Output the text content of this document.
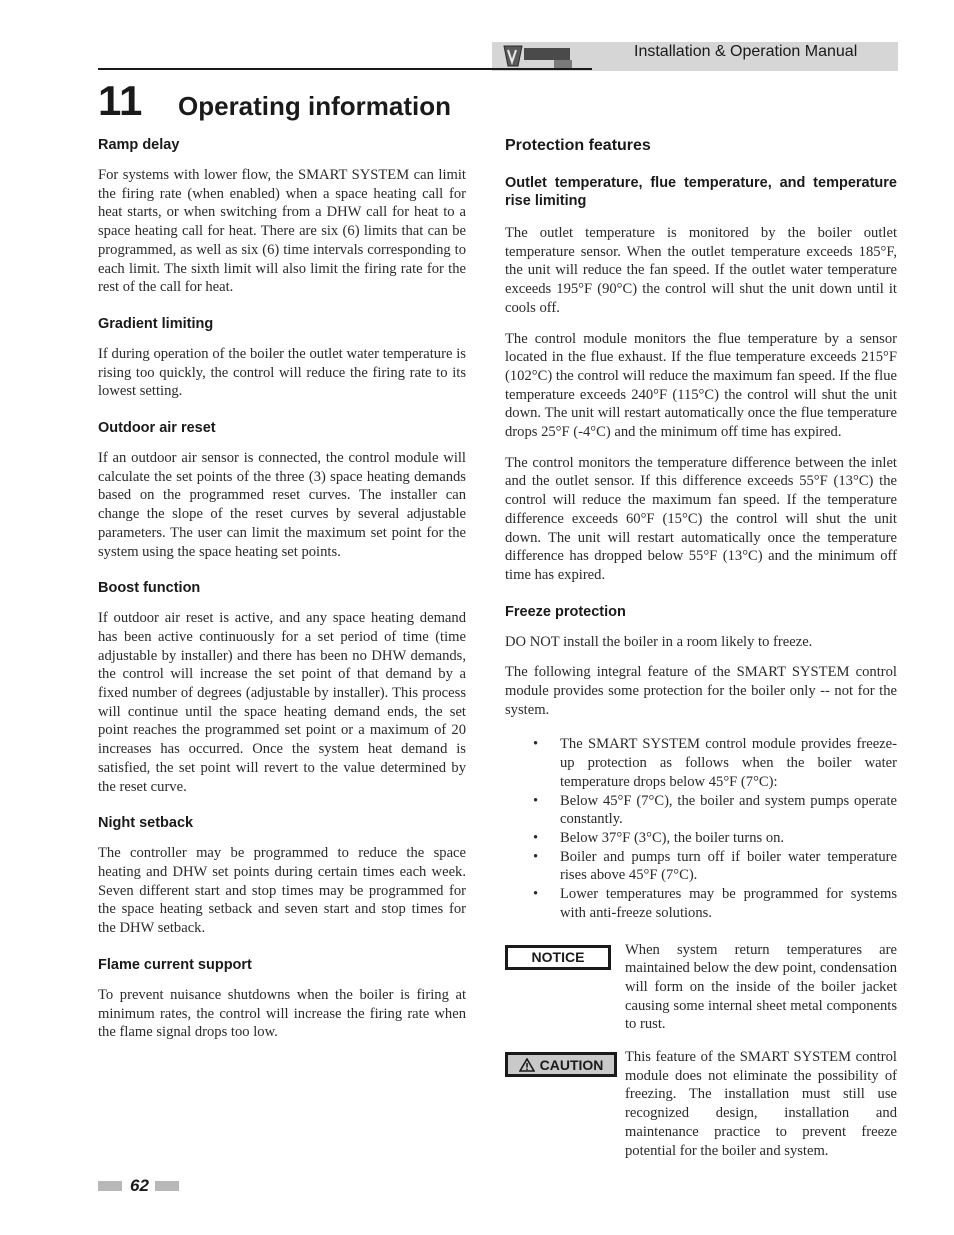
Installation & Operation Manual
11 Operating information
Ramp delay

For systems with lower flow, the SMART SYSTEM can limit the firing rate (when enabled) when a space heating call for heat starts, or when switching from a DHW call for heat to a space heating call for heat. There are six (6) limits that can be programmed, as well as six (6) time intervals corresponding to each limit. The sixth limit will also limit the firing rate for the rest of the call for heat.

Gradient limiting

If during operation of the boiler the outlet water temperature is rising too quickly, the control will reduce the firing rate to its lowest setting.

Outdoor air reset

If an outdoor air sensor is connected, the control module will calculate the set points of the three (3) space heating demands based on the programmed reset curves. The installer can change the slope of the reset curves by several adjustable parameters. The user can limit the maximum set point for the system using the space heating set points.

Boost function

If outdoor air reset is active, and any space heating demand has been active continuously for a set period of time (time adjustable by installer) and there has been no DHW demands, the control will increase the set point of that demand by a fixed number of degrees (adjustable by installer). This process will continue until the space heating demand ends, the set point reaches the programmed set point or a maximum of 20 increases has occurred. Once the system heat demand is satisfied, the set point will revert to the value determined by the reset curve.

Night setback

The controller may be programmed to reduce the space heating and DHW set points during certain times each week. Seven different start and stop times may be programmed for the space heating setback and seven start and stop times for the DHW setback.

Flame current support

To prevent nuisance shutdowns when the boiler is firing at minimum rates, the control will increase the firing rate when the flame signal drops too low.

Protection features
Outlet temperature, flue temperature, and temperature rise limiting

The outlet temperature is monitored by the boiler outlet temperature sensor. When the outlet temperature exceeds 185°F, the unit will reduce the fan speed. If the outlet water temperature exceeds 195°F (90°C) the control will shut the unit down until it cools off.

The control module monitors the flue temperature by a sensor located in the flue exhaust. If the flue temperature exceeds 215°F (102°C) the control will reduce the maximum fan speed. If the flue temperature exceeds 240°F (115°C) the control will shut the unit down. The unit will restart automatically once the flue temperature drops 25°F (-4°C) and the minimum off time has expired.

The control monitors the temperature difference between the inlet and the outlet sensor. If this difference exceeds 55°F (13°C) the control will reduce the maximum fan speed. If the temperature difference exceeds 60°F (15°C) the control will shut the unit down. The unit will restart automatically once the temperature difference has dropped below 55°F (13°C) and the minimum off time has expired.

Freeze protection

DO NOT install the boiler in a room likely to freeze.

The following integral feature of the SMART SYSTEM control module provides some protection for the boiler only -- not for the system.

• The SMART SYSTEM control module provides freeze-up protection as follows when the boiler water temperature drops below 45°F (7°C):
• Below 45°F (7°C), the boiler and system pumps operate constantly.
• Below 37°F (3°C), the boiler turns on.
• Boiler and pumps turn off if boiler water temperature rises above 45°F (7°C).
• Lower temperatures may be programmed for systems with anti-freeze solutions.
NOTICE	When system return temperatures are maintained below the dew point, condensation will form on the inside of the boiler jacket causing some internal sheet metal components to rust.

CAUTION This feature of the SMART SYSTEM control module does not eliminate the possibility of freezing. The installation must still use recognized design, installation and maintenance practice to prevent freeze potential for the boiler and system.

62
